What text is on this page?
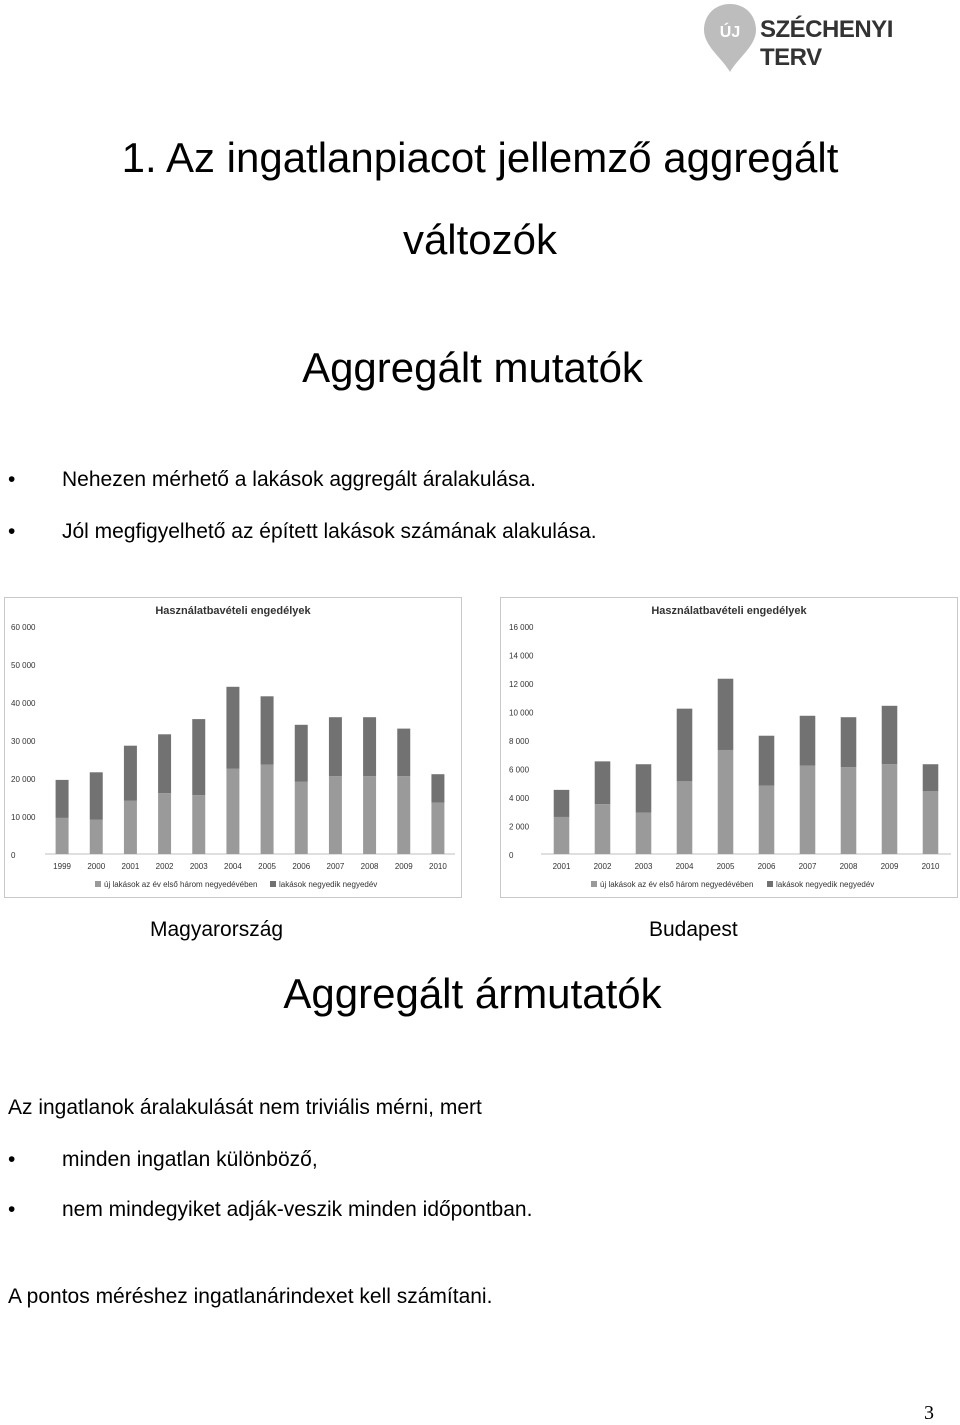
ÚJ SZÉCHENYI TERV
1. Az ingatlanpiacot jellemző aggregált
változók
Aggregált mutatók
• Nehezen mérhető a lakások aggregált áralakulása.
• Jól megfigyelhető az épített lakások számának alakulása.
Használatbavételi engedélyek
0
10 000
20 000
30 000
40 000
50 000
60 000
1999 2000 2001 2002 2003 2004 2005 2006 2007 2008 2009 2010
új lakások az év első három negyedévében	lakások negyedik negyedév
Használatbavételi engedélyek
0
2 000
4 000
6 000
8 000
10 000
12 000
14 000
16 000
2001	2002	2003	2004	2005	2006	2007	2008	2009	2010
új lakások az év első három negyedévében	lakások negyedik negyedév
Magyarország	Budapest
Aggregált ármutatók
Az ingatlanok áralakulását nem triviális mérni, mert
• minden ingatlan különböző,
• nem mindegyiket adják-veszik minden időpontban.
A pontos méréshez ingatlanárindexet kell számítani.
3
